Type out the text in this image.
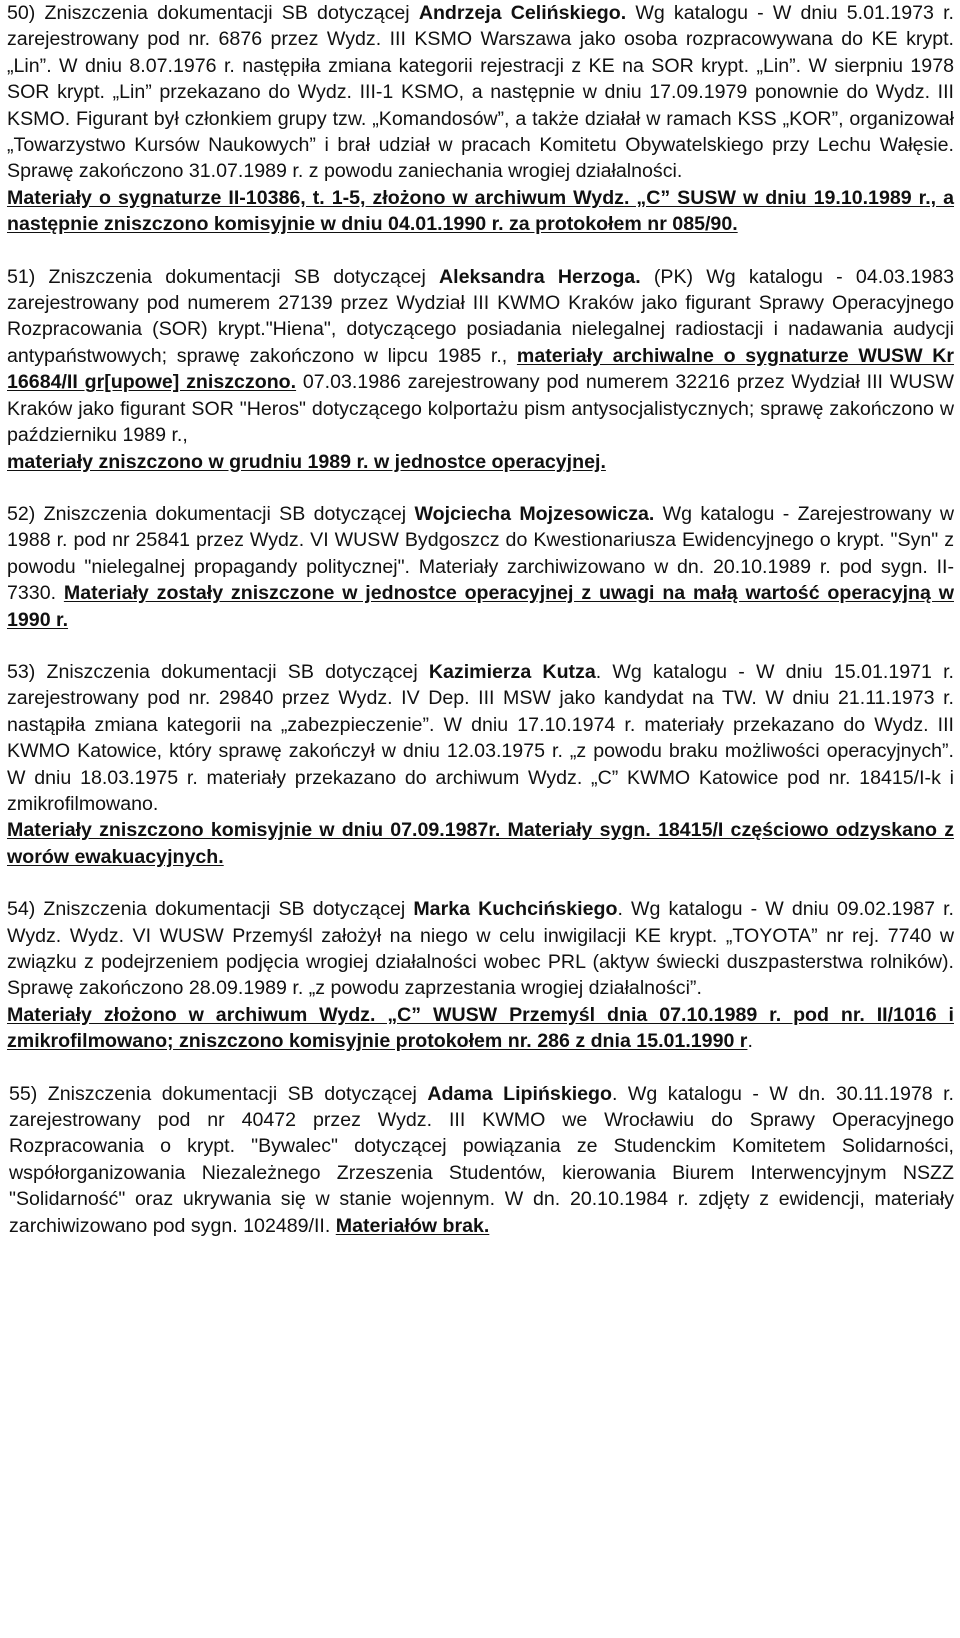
50) Zniszczenia dokumentacji SB dotyczącej Andrzeja Celińskiego. Wg katalogu - W dniu 5.01.1973 r. zarejestrowany pod nr. 6876 przez Wydz. III KSMO Warszawa jako osoba rozpracowywana do KE krypt. „Lin”. W dniu 8.07.1976 r. następiła zmiana kategorii rejestracji z KE na SOR krypt. „Lin”. W sierpniu 1978 SOR krypt. „Lin” przekazano do Wydz. III-1 KSMO, a następnie w dniu 17.09.1979 ponownie do Wydz. III KSMO. Figurant był członkiem grupy tzw. „Komandosów”, a także działał w ramach KSS „KOR”, organizował „Towarzystwo Kursów Naukowych” i brał udział w pracach Komitetu Obywatelskiego przy Lechu Wałęsie. Sprawę zakończono 31.07.1989 r. z powodu zaniechania wrogiej działalności.
Materiały o sygnaturze II-10386, t. 1-5, złożono w archiwum Wydz. „C” SUSW w dniu 19.10.1989 r., a następnie zniszczono komisyjnie w dniu 04.01.1990 r. za protokołem nr 085/90.

51) Zniszczenia dokumentacji SB dotyczącej Aleksandra Herzoga. (PK) Wg katalogu - 04.03.1983 zarejestrowany pod numerem 27139 przez Wydział III KWMO Kraków jako figurant Sprawy Operacyjnego Rozpracowania (SOR) krypt."Hiena", dotyczącego posiadania nielegalnej radiostacji i nadawania audycji antypaństwowych; sprawę zakończono w lipcu 1985 r., materiały archiwalne o sygnaturze WUSW Kr 16684/II gr[upowe] zniszczono. 07.03.1986 zarejestrowany pod numerem 32216 przez Wydział III WUSW Kraków jako figurant SOR "Heros" dotyczącego kolportażu pism antysocjalistycznych; sprawę zakończono w październiku 1989 r.,
materiały zniszczono w grudniu 1989 r. w jednostce operacyjnej.

52) Zniszczenia dokumentacji SB dotyczącej Wojciecha Mojzesowicza. Wg katalogu - Zarejestrowany w 1988 r. pod nr 25841 przez Wydz. VI WUSW Bydgoszcz do Kwestionariusza Ewidencyjnego o krypt. "Syn" z powodu "nielegalnej propagandy politycznej". Materiały zarchiwizowano w dn. 20.10.1989 r. pod sygn. II-7330. Materiały zostały zniszczone w jednostce operacyjnej z uwagi na małą wartość operacyjną w 1990 r.

53) Zniszczenia dokumentacji SB dotyczącej Kazimierza Kutza. Wg katalogu - W dniu 15.01.1971 r. zarejestrowany pod nr. 29840 przez Wydz. IV Dep. III MSW jako kandydat na TW. W dniu 21.11.1973 r. nastąpiła zmiana kategorii na „zabezpieczenie”. W dniu 17.10.1974 r. materiały przekazano do Wydz. III KWMO Katowice, który sprawę zakończył w dniu 12.03.1975 r. „z powodu braku możliwości operacyjnych”. W dniu 18.03.1975 r. materiały przekazano do archiwum Wydz. „C” KWMO Katowice pod nr. 18415/I-k i zmikrofilmowano.
Materiały zniszczono komisyjnie w dniu 07.09.1987r. Materiały sygn. 18415/I częściowo odzyskano z worów ewakuacyjnych.

54) Zniszczenia dokumentacji SB dotyczącej Marka Kuchcińskiego. Wg katalogu - W dniu 09.02.1987 r. Wydz. Wydz. VI WUSW Przemyśl założył na niego w celu inwigilacji KE krypt. „TOYOTA” nr rej. 7740 w związku z podejrzeniem podjęcia wrogiej działalności wobec PRL (aktyw świecki duszpasterstwa rolników). Sprawę zakończono 28.09.1989 r. „z powodu zaprzestania wrogiej działalności”.
Materiały złożono w archiwum Wydz. „C” WUSW Przemyśl dnia 07.10.1989 r. pod nr. II/1016 i zmikrofilmowano; zniszczono komisyjnie protokołem nr. 286 z dnia 15.01.1990 r.

55) Zniszczenia dokumentacji SB dotyczącej Adama Lipińskiego. Wg katalogu - W dn. 30.11.1978 r. zarejestrowany pod nr 40472 przez Wydz. III KWMO we Wrocławiu do Sprawy Operacyjnego Rozpracowania o krypt. "Bywalec" dotyczącej powiązania ze Studenckim Komitetem Solidarności, współorganizowania Niezależnego Zrzeszenia Studentów, kierowania Biurem Interwencyjnym NSZZ "Solidarność" oraz ukrywania się w stanie wojennym. W dn. 20.10.1984 r. zdjęty z ewidencji, materiały zarchiwizowano pod sygn. 102489/II. Materiałów brak.
